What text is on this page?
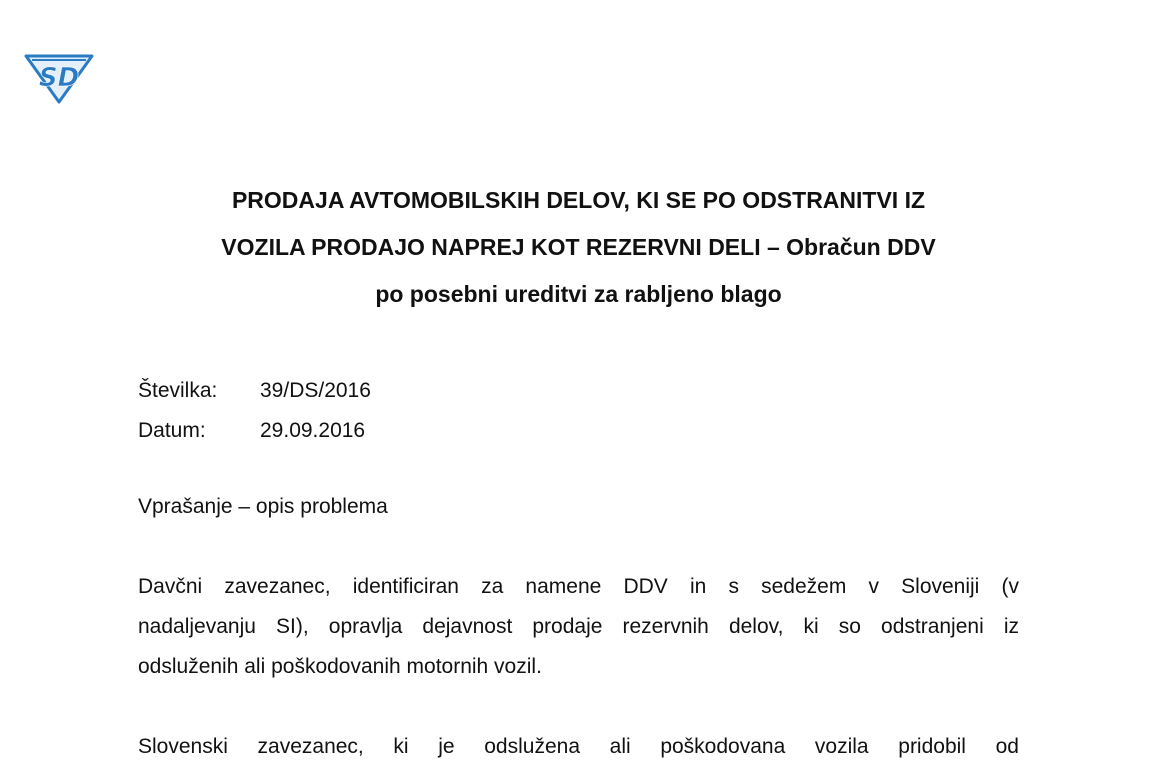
SD
PRODAJA AVTOMOBILSKIH DELOV, KI SE PO ODSTRANITVI IZ
VOZILA PRODAJO NAPREJ KOT REZERVNI DELI – Obračun DDV
po posebni ureditvi za rabljeno blago
Številka:	39/DS/2016
Datum:	29.09.2016
Vprašanje – opis problema
Davčni zavezanec, identificiran za namene DDV in s sedežem v Sloveniji (v
nadaljevanju SI), opravlja dejavnost prodaje rezervnih delov, ki so odstranjeni iz
odsluženih ali poškodovanih motornih vozil.
Slovenski zavezanec, ki je odslužena ali poškodovana vozila pridobil od
